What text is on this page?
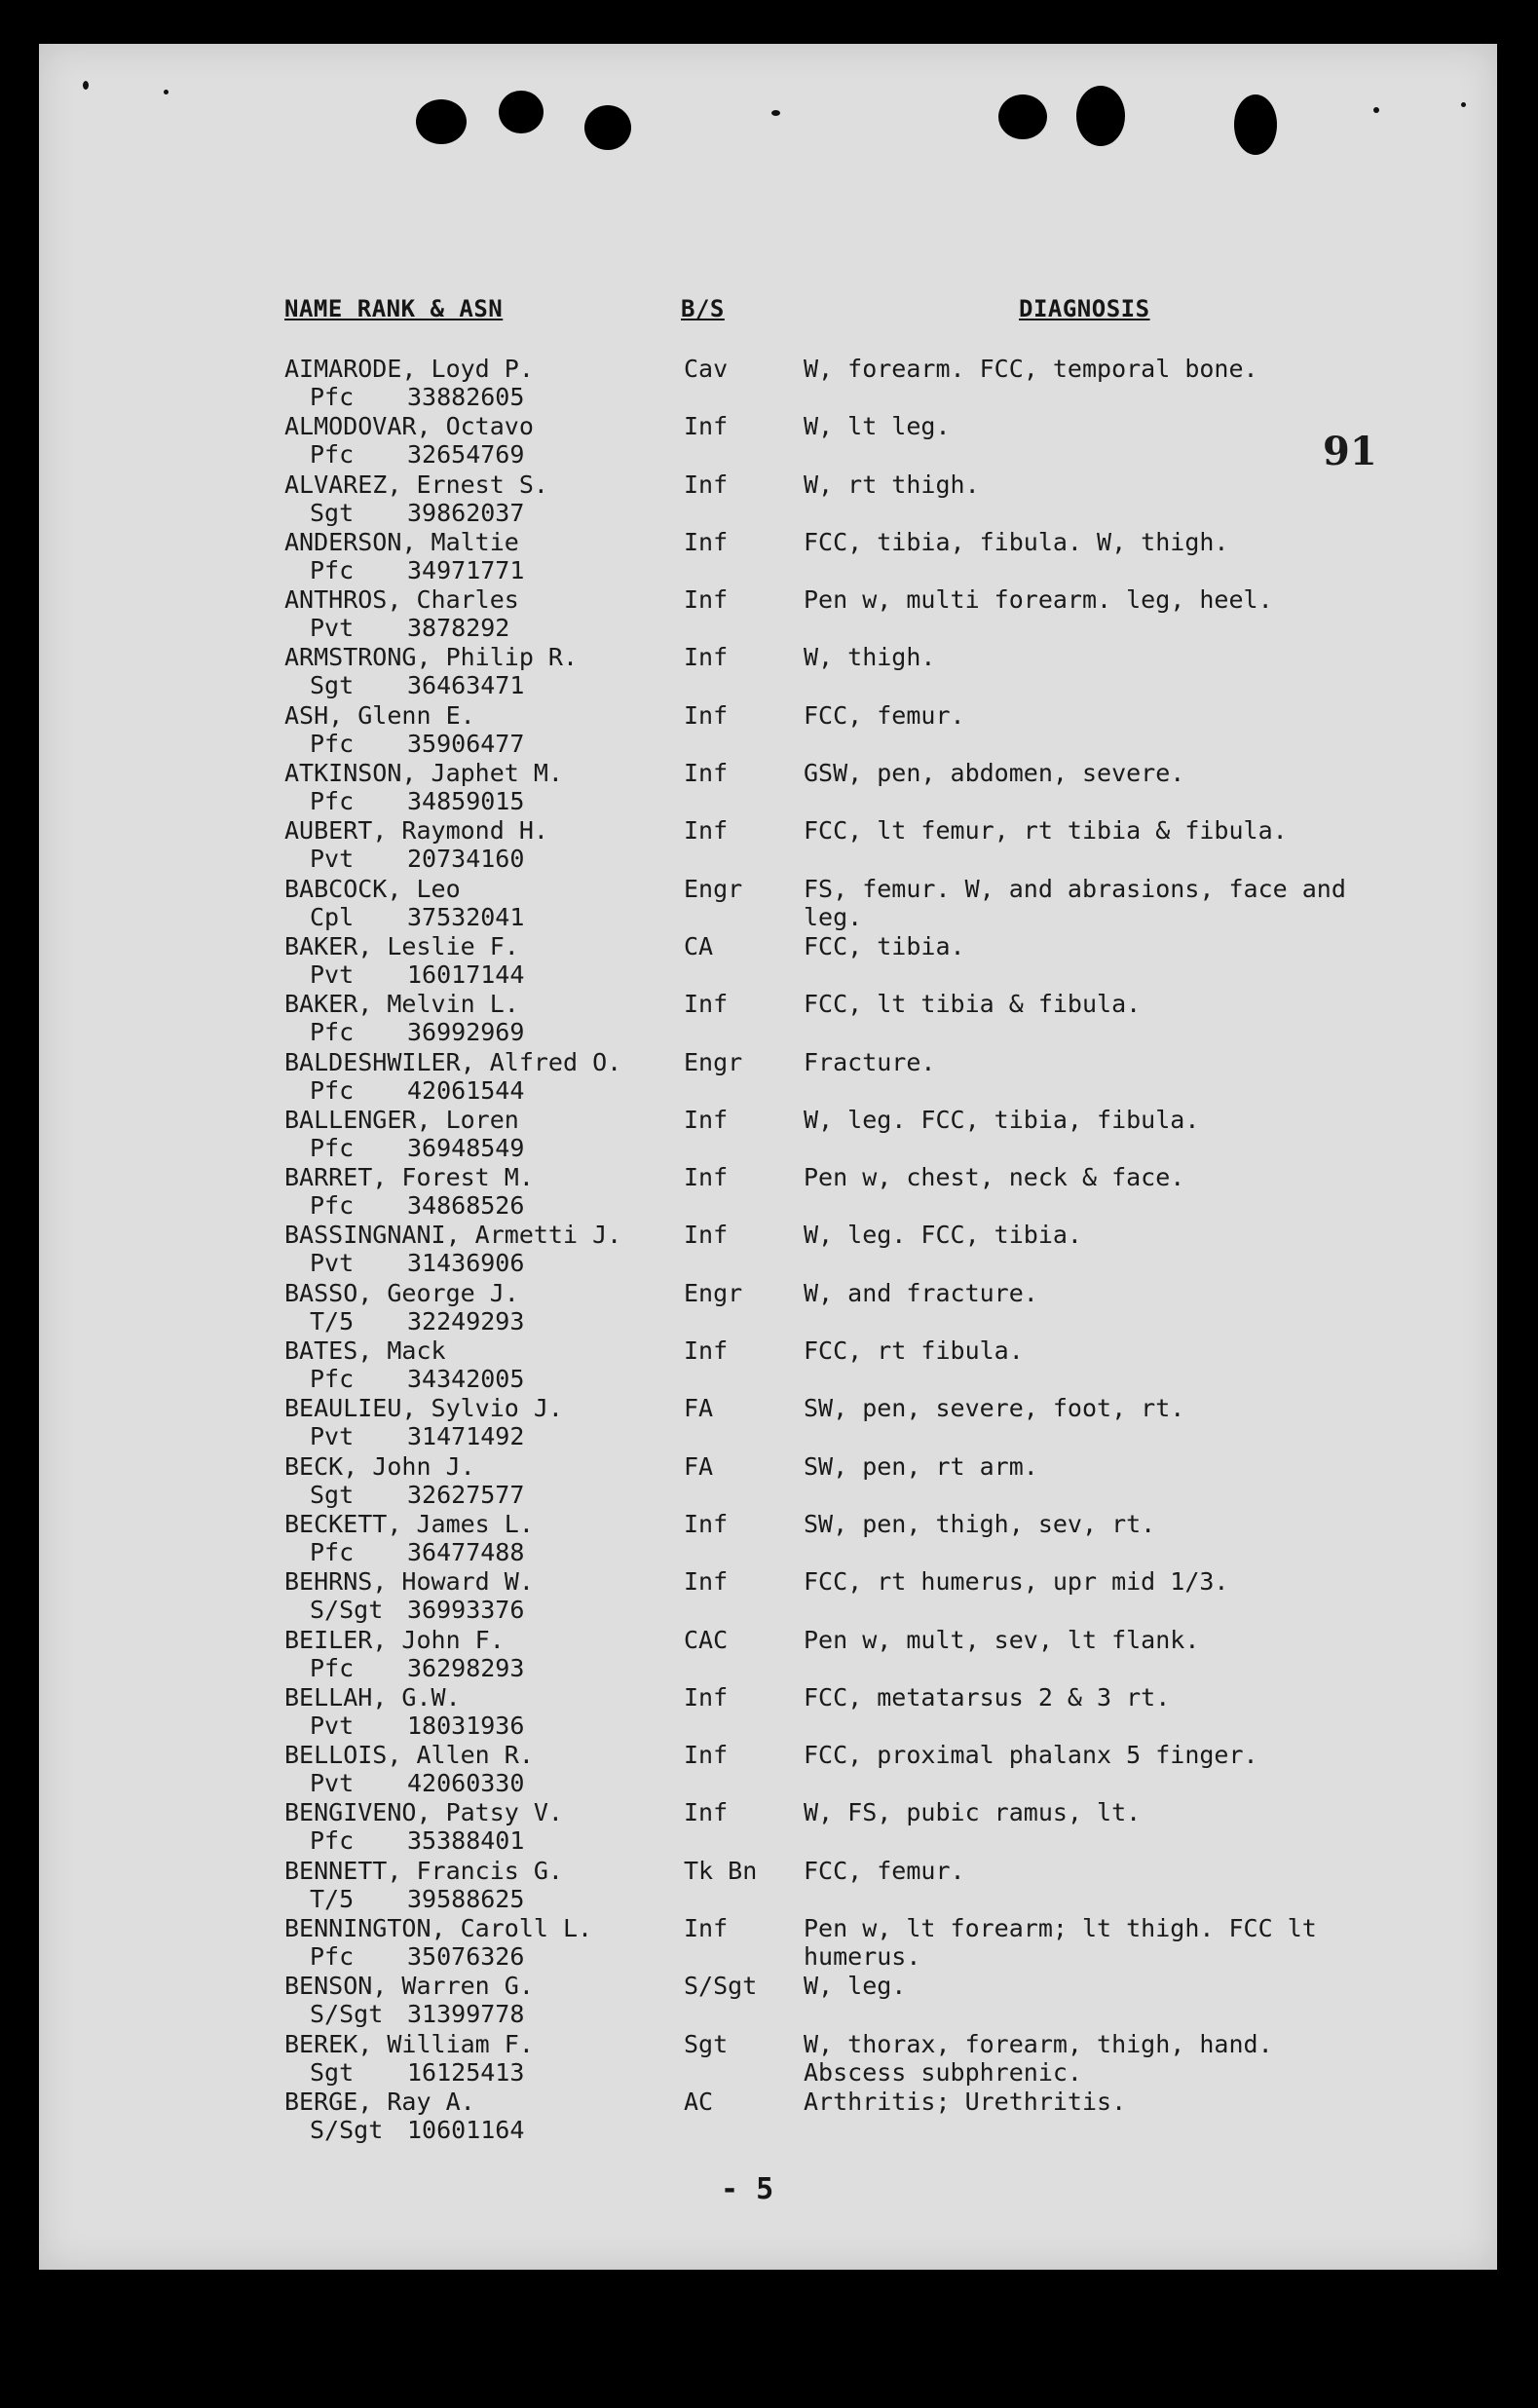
NAME RANK & ASN	B/S	DIAGNOSIS
91
AIMARODE, Loyd P.
Pfc 33882605
Cav	W, forearm. FCC, temporal bone.
ALMODOVAR, Octavo
Pfc 32654769
Inf	W, lt leg.
ALVAREZ, Ernest S.
Sgt 39862037
Inf	W, rt thigh.
ANDERSON, Maltie
Pfc 34971771
Inf	FCC, tibia, fibula. W, thigh.
ANTHROS, Charles
Pvt 3878292
Inf	Pen w, multi forearm. leg, heel.
ARMSTRONG, Philip R.
Sgt 36463471
Inf	W, thigh.
ASH, Glenn E.
Pfc 35906477
Inf	FCC, femur.
ATKINSON, Japhet M.
Pfc 34859015
Inf	GSW, pen, abdomen, severe.
AUBERT, Raymond H.
Pvt 20734160
Inf	FCC, lt femur, rt tibia & fibula.
BABCOCK, Leo
Cpl 37532041
Engr	FS, femur. W, and abrasions, face and leg.
BAKER, Leslie F.
Pvt 16017144
CA	FCC, tibia.
BAKER, Melvin L.
Pfc 36992969
Inf	FCC, lt tibia & fibula.
BALDESHWILER, Alfred O.
Pfc 42061544
Engr	Fracture.
BALLENGER, Loren
Pfc 36948549
Inf	W, leg. FCC, tibia, fibula.
BARRET, Forest M.
Pfc 34868526
Inf	Pen w, chest, neck & face.
BASSINGNANI, Armetti J.
Pvt 31436906
Inf	W, leg. FCC, tibia.
BASSO, George J.
T/5 32249293
Engr	W, and fracture.
BATES, Mack
Pfc 34342005
Inf	FCC, rt fibula.
BEAULIEU, Sylvio J.
Pvt 31471492
FA	SW, pen, severe, foot, rt.
BECK, John J.
Sgt 32627577
FA	SW, pen, rt arm.
BECKETT, James L.
Pfc 36477488
Inf	SW, pen, thigh, sev, rt.
BEHRNS, Howard W.
S/Sgt 36993376
Inf	FCC, rt humerus, upr mid 1/3.
BEILER, John F.
Pfc 36298293
CAC	Pen w, mult, sev, lt flank.
BELLAH, G.W.
Pvt 18031936
Inf	FCC, metatarsus 2 & 3 rt.
BELLOIS, Allen R.
Pvt 42060330
Inf	FCC, proximal phalanx 5 finger.
BENGIVENO, Patsy V.
Pfc 35388401
Inf	W, FS, pubic ramus, lt.
BENNETT, Francis G.
T/5 39588625
Tk Bn FCC, femur.
BENNINGTON, Caroll L.
Pfc 35076326
Inf	Pen w, lt forearm; lt thigh. FCC lt humerus.
BENSON, Warren G.
S/Sgt 31399778
S/Sgt W, leg.
BEREK, William F.
Sgt 16125413
Sgt	W, thorax, forearm, thigh, hand. Abscess subphrenic.
BERGE, Ray A.
S/Sgt 10601164
AC	Arthritis; Urethritis.
- 5
